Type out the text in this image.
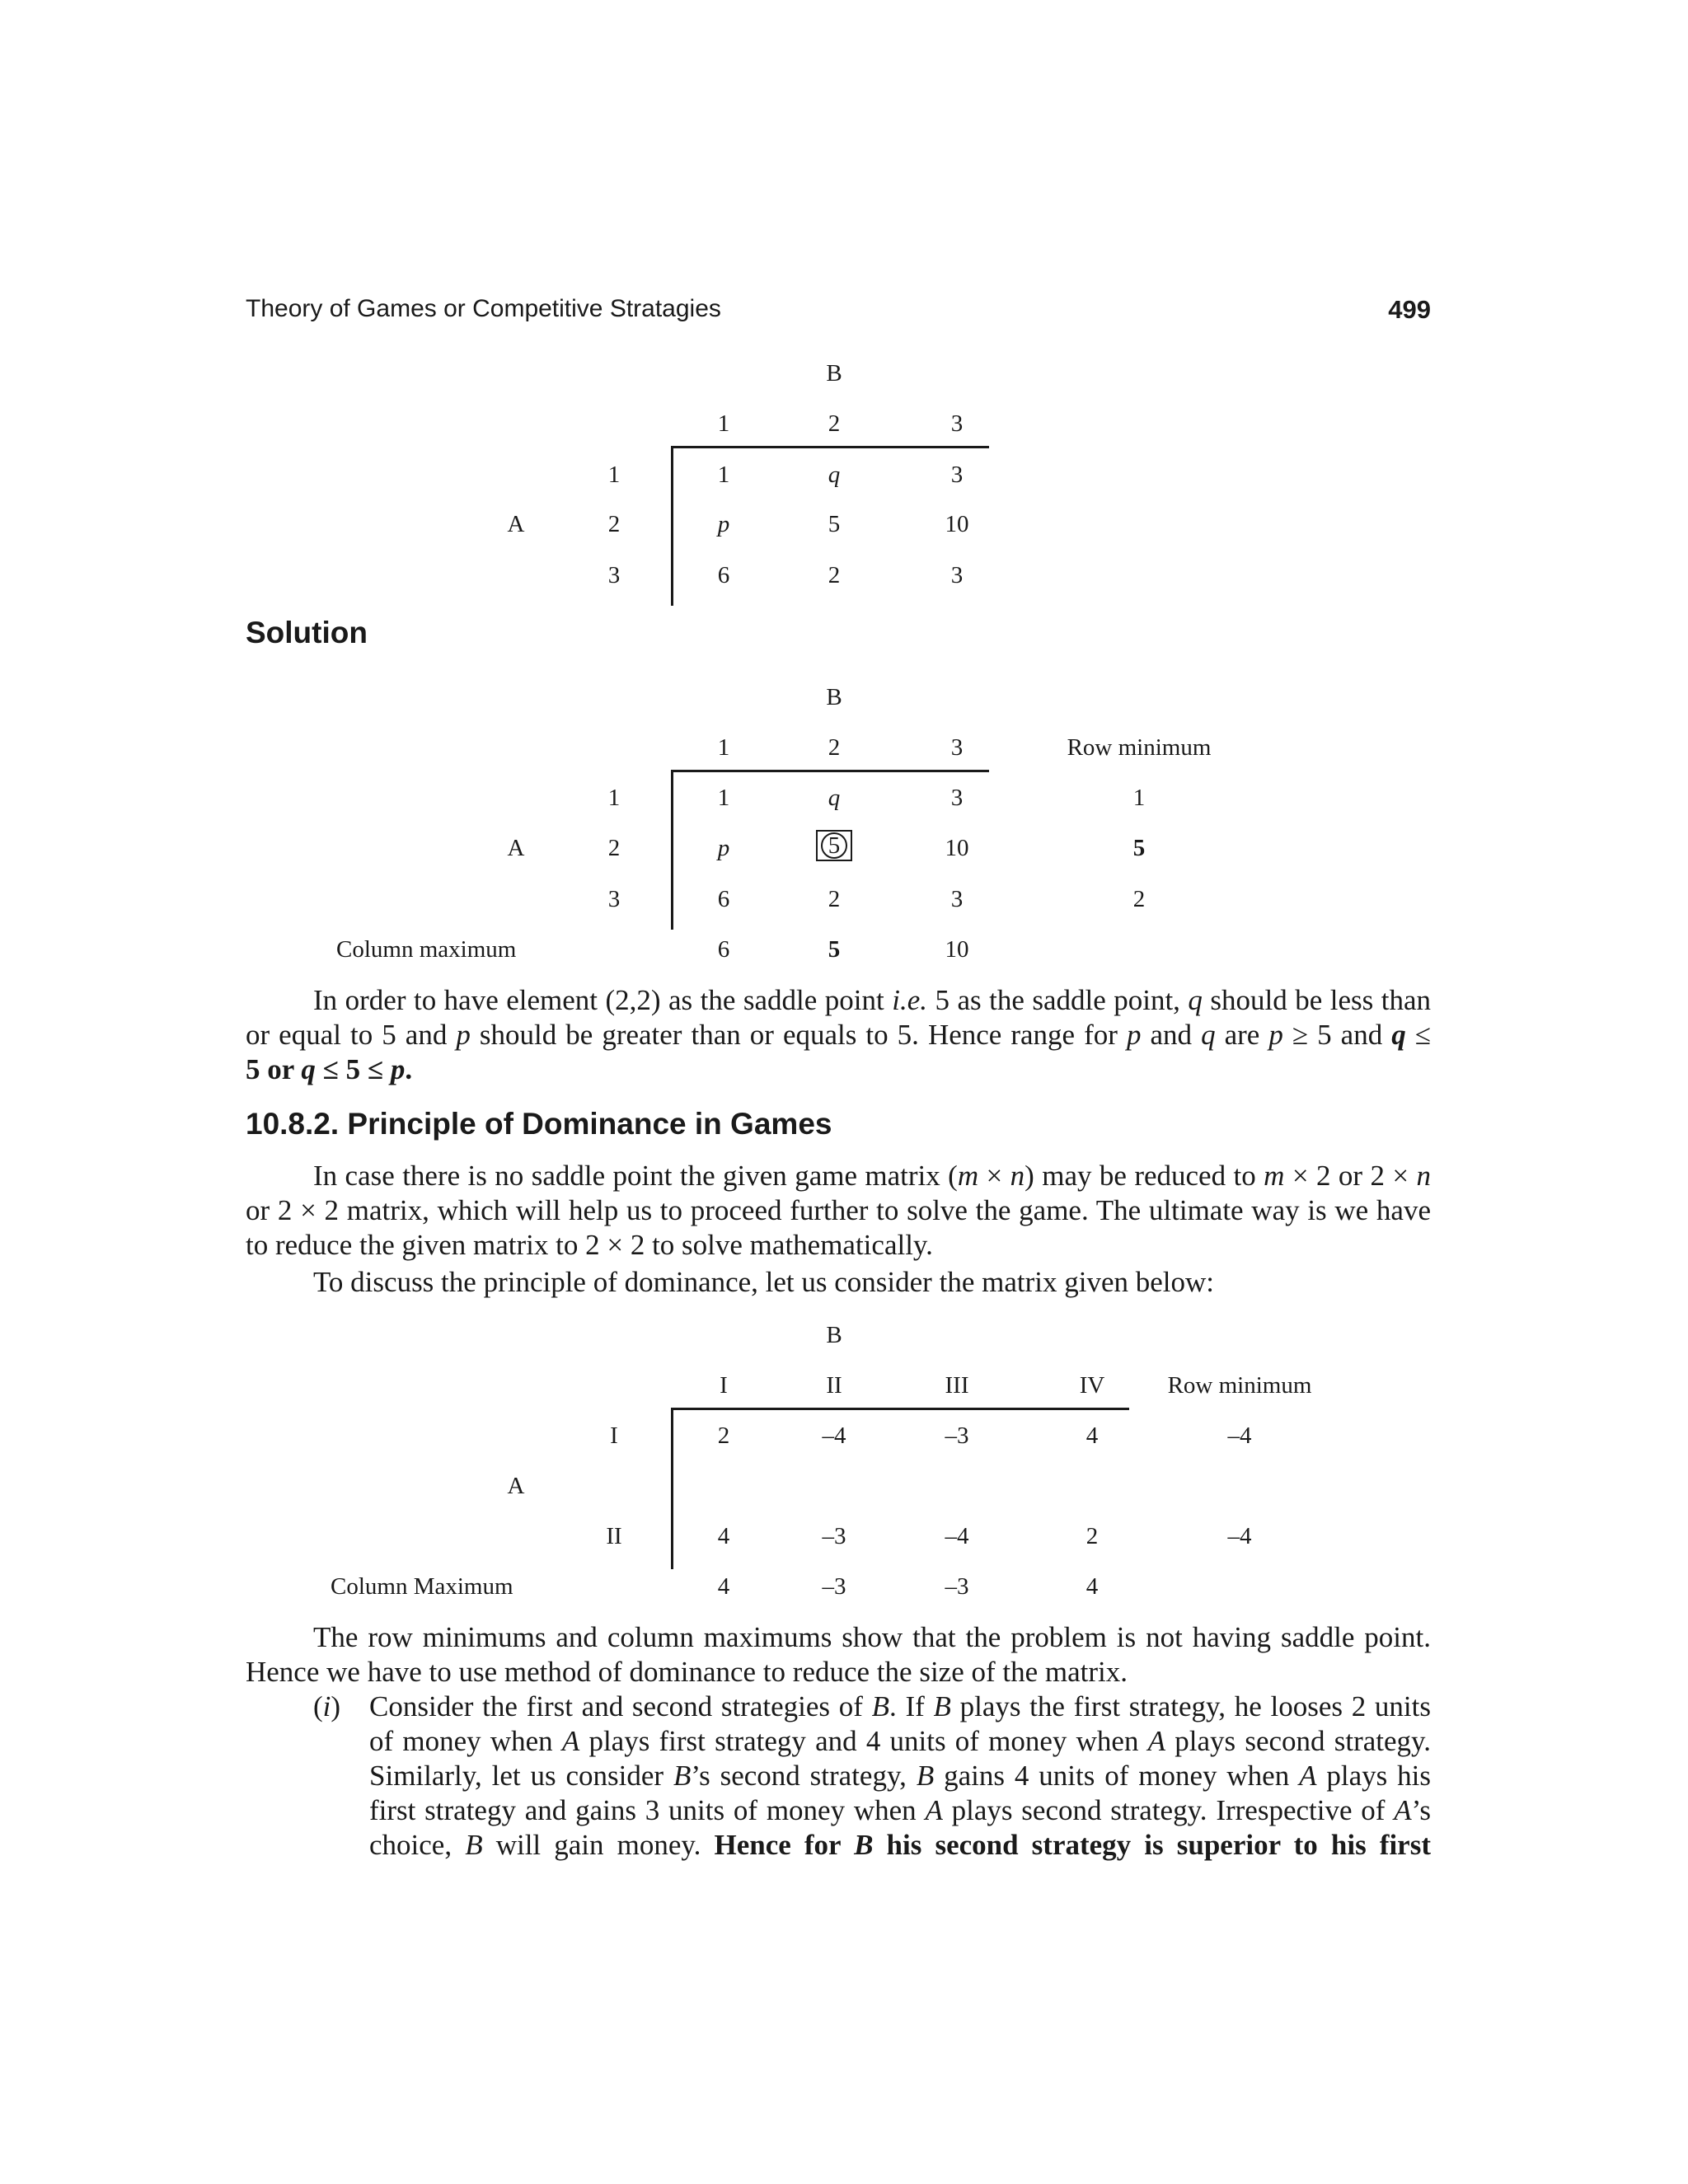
Theory of Games or Competitive Stratagies	499
B
1	2	3
A
1	1	q	3
2	p	5	10
3	6	2	3
Solution
B
1	2	3	Row minimum
A
1	1	q	3	1
2	p	5	10	5
3	6	2	3	2
Column maximum	6	5	10
In order to have element (2,2) as the saddle point i.e. 5 as the saddle point, q should be less than
or equal to 5 and p should be greater than or equals to 5. Hence range for p and q are p ≥ 5 and q ≤
5 or q ≤ 5 ≤ p.
10.8.2. Principle of Dominance in Games
In case there is no saddle point the given game matrix (m × n) may be reduced to m × 2 or 2 × n
or 2 × 2 matrix, which will help us to proceed further to solve the game. The ultimate way is we have
to reduce the given matrix to 2 × 2 to solve mathematically.
To discuss the principle of dominance, let us consider the matrix given below:
B
I	II	III	IV	Row minimum
A
I	2	–4	–3	4	–4
II	4	–3	–4	2	–4
Column Maximum	4	–3	–3	4
The row minimums and column maximums show that the problem is not having saddle point.
Hence we have to use method of dominance to reduce the size of the matrix.
(i) Consider the first and second strategies of B. If B plays the first strategy, he looses 2 units
of money when A plays first strategy and 4 units of money when A plays second strategy.
Similarly, let us consider B’s second strategy, B gains 4 units of money when A plays his
first strategy and gains 3 units of money when A plays second strategy. Irrespective of A’s
choice, B will gain money. Hence for B his second strategy is superior to his first
